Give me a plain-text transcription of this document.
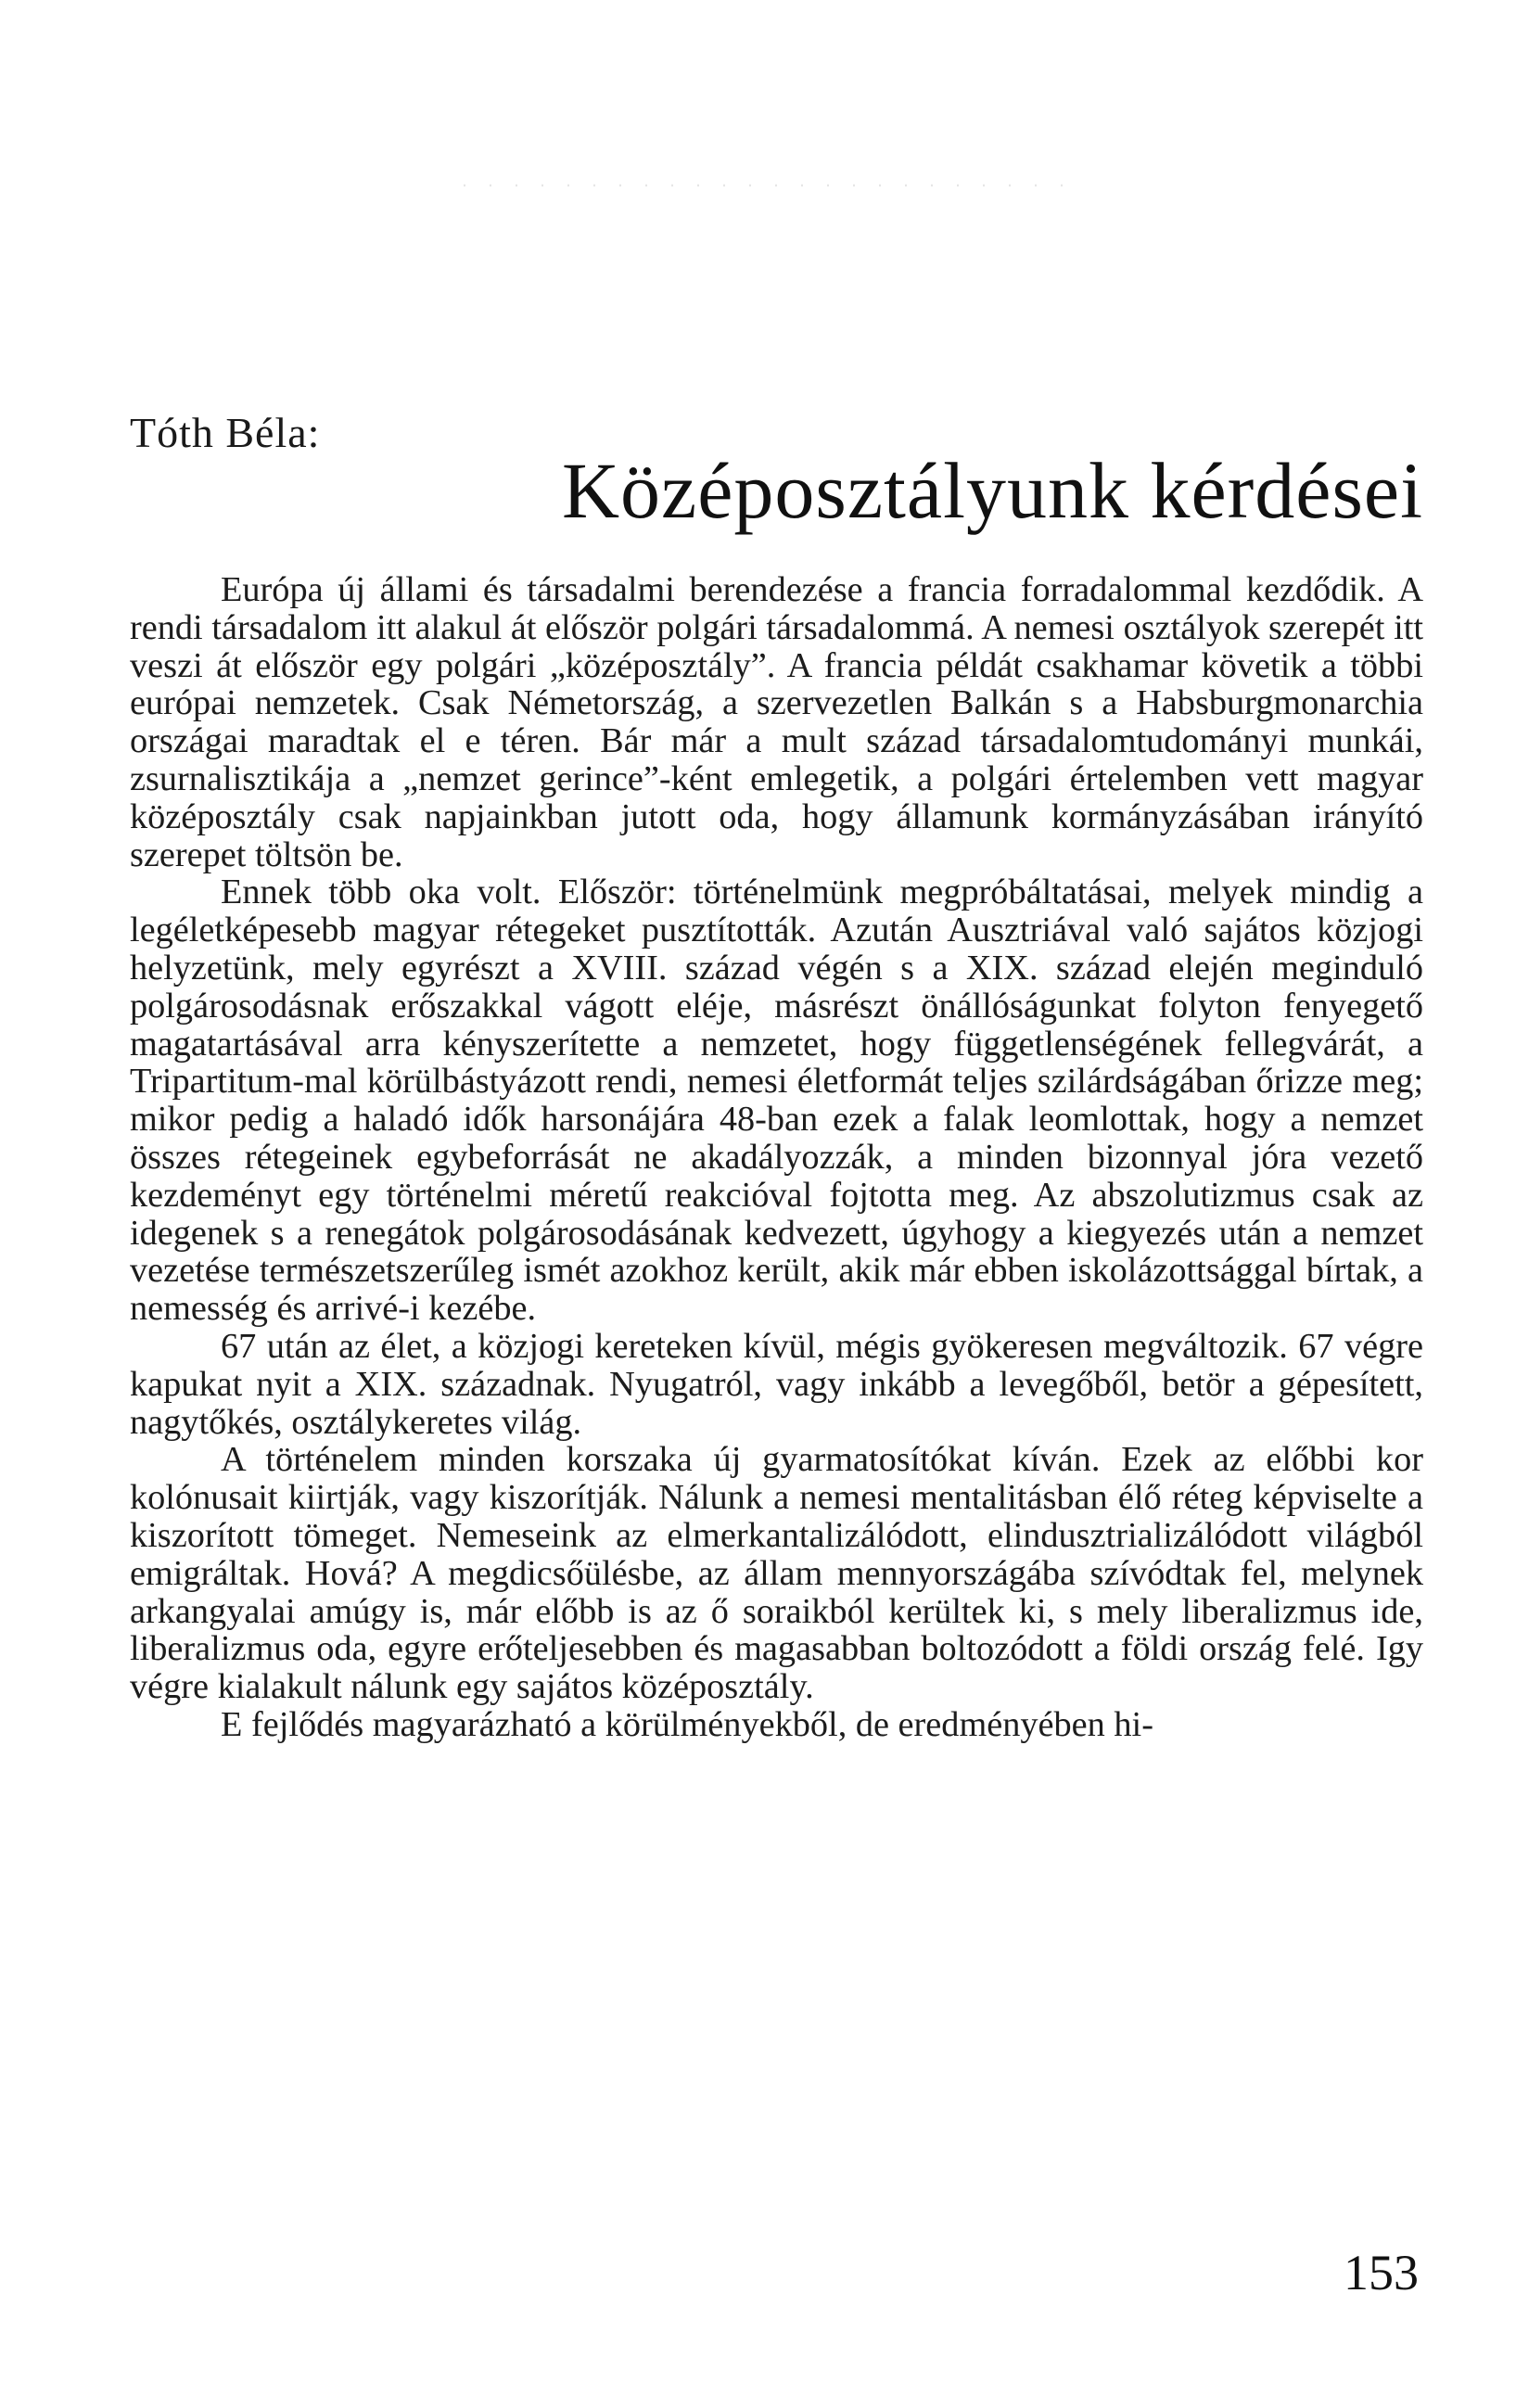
Tóth Béla:
Középosztályunk kérdései

Európa új állami és társadalmi berendezése a francia forradalommal kezdődik. A rendi társadalom itt alakul át először polgári társadalommá. A nemesi osztályok szerepét itt veszi át először egy polgári „középosztály”. A francia példát csakhamar követik a többi európai nemzetek. Csak Németország, a szervezetlen Balkán s a Habsburgmonarchia országai maradtak el e téren. Bár már a mult század társadalomtudományi munkái, zsurnalisztikája a „nemzet gerince”-ként emlegetik, a polgári értelemben vett magyar középosztály csak napjainkban jutott oda, hogy államunk kormányzásában irányító szerepet töltsön be.

Ennek több oka volt. Először: történelmünk megpróbáltatásai, melyek mindig a legéletképesebb magyar rétegeket pusztították. Azután Ausztriával való sajátos közjogi helyzetünk, mely egyrészt a XVIII. század végén s a XIX. század elején meginduló polgárosodásnak erőszakkal vágott eléje, másrészt önállóságunkat folyton fenyegető magatartásával arra kényszerítette a nemzetet, hogy függetlenségének fellegvárát, a Tripartitum-mal körülbástyázott rendi, nemesi életformát teljes szilárdságában őrizze meg; mikor pedig a haladó idők harsonájára 48-ban ezek a falak leomlottak, hogy a nemzet összes rétegeinek egybeforrását ne akadályozzák, a minden bizonnyal jóra vezető kezdeményt egy történelmi méretű reakcióval fojtotta meg. Az abszolutizmus csak az idegenek s a renegátok polgárosodásának kedvezett, úgyhogy a kiegyezés után a nemzet vezetése természetszerűleg ismét azokhoz került, akik már ebben iskolázottsággal bírtak, a nemesség és arrivé-i kezébe.

67 után az élet, a közjogi kereteken kívül, mégis gyökeresen megváltozik. 67 végre kapukat nyit a XIX. századnak. Nyugatról, vagy inkább a levegőből, betör a gépesített, nagytőkés, osztálykeretes világ.

A történelem minden korszaka új gyarmatosítókat kíván. Ezek az előbbi kor kolónusait kiirtják, vagy kiszorítják. Nálunk a nemesi mentalitásban élő réteg képviselte a kiszorított tömeget. Nemeseink az elmerkantalizálódott, elindusztrializálódott világból emigráltak. Hová? A megdicsőülésbe, az állam mennyországába szívódtak fel, melynek arkangyalai amúgy is, már előbb is az ő soraikból kerültek ki, s mely liberalizmus ide, liberalizmus oda, egyre erőteljesebben és magasabban boltozódott a földi ország felé. Igy végre kialakult nálunk egy sajátos középosztály.

E fejlődés magyarázható a körülményekből, de eredményében hi-

153
